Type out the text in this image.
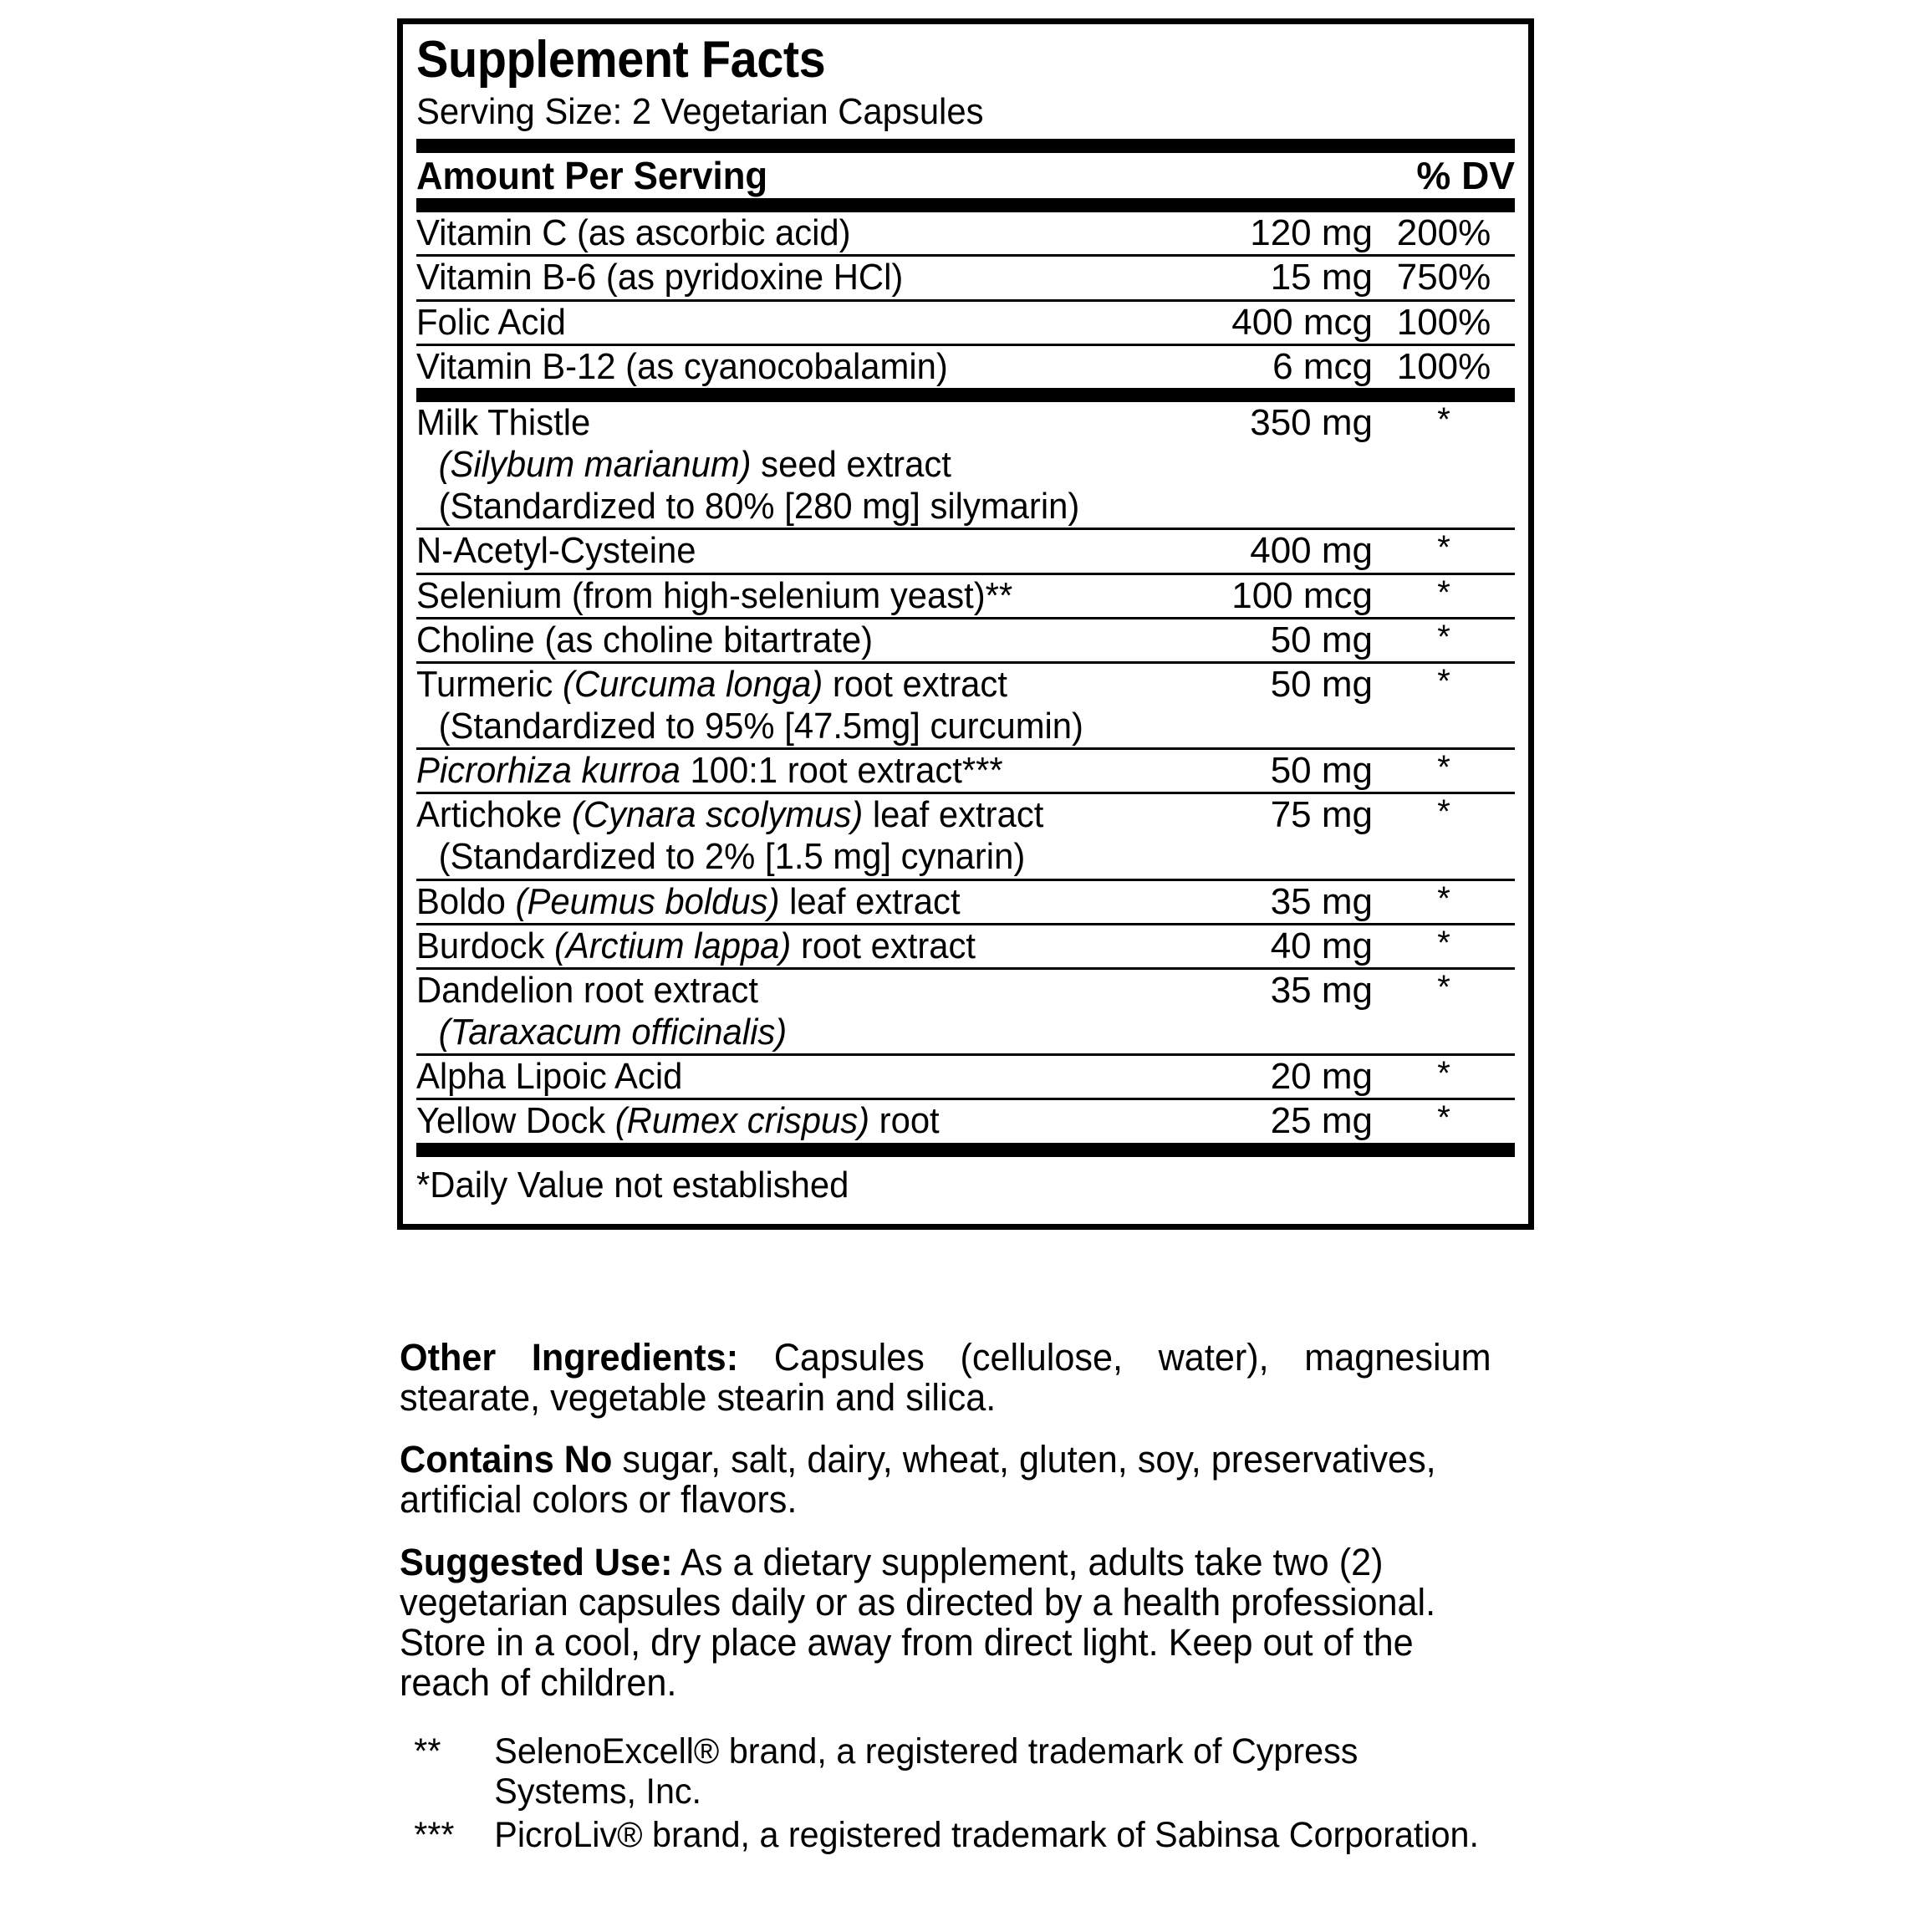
Supplement Facts
Serving Size: 2 Vegetarian Capsules
Amount Per Serving		% DV
Vitamin C (as ascorbic acid)	120 mg	200%

Vitamin B-6 (as pyridoxine HCl)	15 mg	750%

Folic Acid	400 mcg	100%

Vitamin B-12 (as cyanocobalamin)	6 mcg	100%
Milk Thistle
(Silybum marianum) seed extract
(Standardized to 80% [280 mg] silymarin)	350 mg	*

N-Acetyl-Cysteine	400 mg	*

Selenium (from high-selenium yeast)**	100 mcg	*

Choline (as choline bitartrate)	50 mg	*

Turmeric (Curcuma longa) root extract
(Standardized to 95% [47.5mg] curcumin)	50 mg	*

Picrorhiza kurroa 100:1 root extract***	50 mg	*

Artichoke (Cynara scolymus) leaf extract
(Standardized to 2% [1.5 mg] cynarin)	75 mg	*

Boldo (Peumus boldus) leaf extract	35 mg	*

Burdock (Arctium lappa) root extract	40 mg	*

Dandelion root extract
(Taraxacum officinalis)	35 mg	*

Alpha Lipoic Acid	20 mg	*

Yellow Dock (Rumex crispus) root	25 mg	*
*Daily Value not established

Other Ingredients: Capsules (cellulose, water), magnesium stearate, vegetable stearin and silica.

Contains No sugar, salt, dairy, wheat, gluten, soy, preservatives, artificial colors or flavors.

Suggested Use: As a dietary supplement, adults take two (2) vegetarian capsules daily or as directed by a health professional. Store in a cool, dry place away from direct light. Keep out of the reach of children.

**	SelenoExcell® brand, a registered trademark of Cypress Systems, Inc.
***	PicroLiv® brand, a registered trademark of Sabinsa Corporation.
